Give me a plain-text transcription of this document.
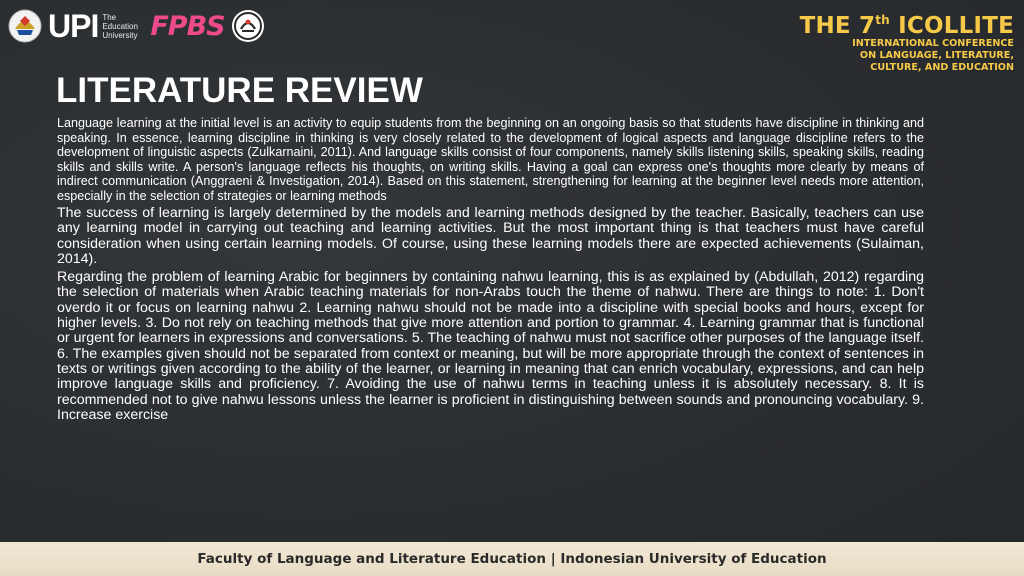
UPI The Education University FPBS	THE 7th ICOLLITE
INTERNATIONAL CONFERENCE
ON LANGUAGE, LITERATURE,
CULTURE, AND EDUCATION
LITERATURE REVIEW

Language learning at the initial level is an activity to equip students from the beginning on an ongoing basis so that students have discipline in thinking and speaking. In essence, learning discipline in thinking is very closely related to the development of logical aspects and language discipline refers to the development of linguistic aspects (Zulkarnaini, 2011). And language skills consist of four components, namely skills listening skills, speaking skills, reading skills and skills write. A person's language reflects his thoughts, on writing skills. Having a goal can express one's thoughts more clearly by means of indirect communication (Anggraeni & Investigation, 2014). Based on this statement, strengthening for learning at the beginner level needs more attention, especially in the selection of strategies or learning methods

The success of learning is largely determined by the models and learning methods designed by the teacher. Basically, teachers can use any learning model in carrying out teaching and learning activities. But the most important thing is that teachers must have careful consideration when using certain learning models. Of course, using these learning models there are expected achievements (Sulaiman, 2014).

Regarding the problem of learning Arabic for beginners by containing nahwu learning, this is as explained by (Abdullah, 2012) regarding the selection of materials when Arabic teaching materials for non-Arabs touch the theme of nahwu. There are things to note: 1. Don't overdo it or focus on learning nahwu 2. Learning nahwu should not be made into a discipline with special books and hours, except for higher levels. 3. Do not rely on teaching methods that give more attention and portion to grammar. 4. Learning grammar that is functional or urgent for learners in expressions and conversations. 5. The teaching of nahwu must not sacrifice other purposes of the language itself. 6. The examples given should not be separated from context or meaning, but will be more appropriate through the context of sentences in texts or writings given according to the ability of the learner, or learning in meaning that can enrich vocabulary, expressions, and can help improve language skills and proficiency. 7. Avoiding the use of nahwu terms in teaching unless it is absolutely necessary. 8. It is recommended not to give nahwu lessons unless the learner is proficient in distinguishing between sounds and pronouncing vocabulary. 9. Increase exercise

Faculty of Language and Literature Education | Indonesian University of Education
